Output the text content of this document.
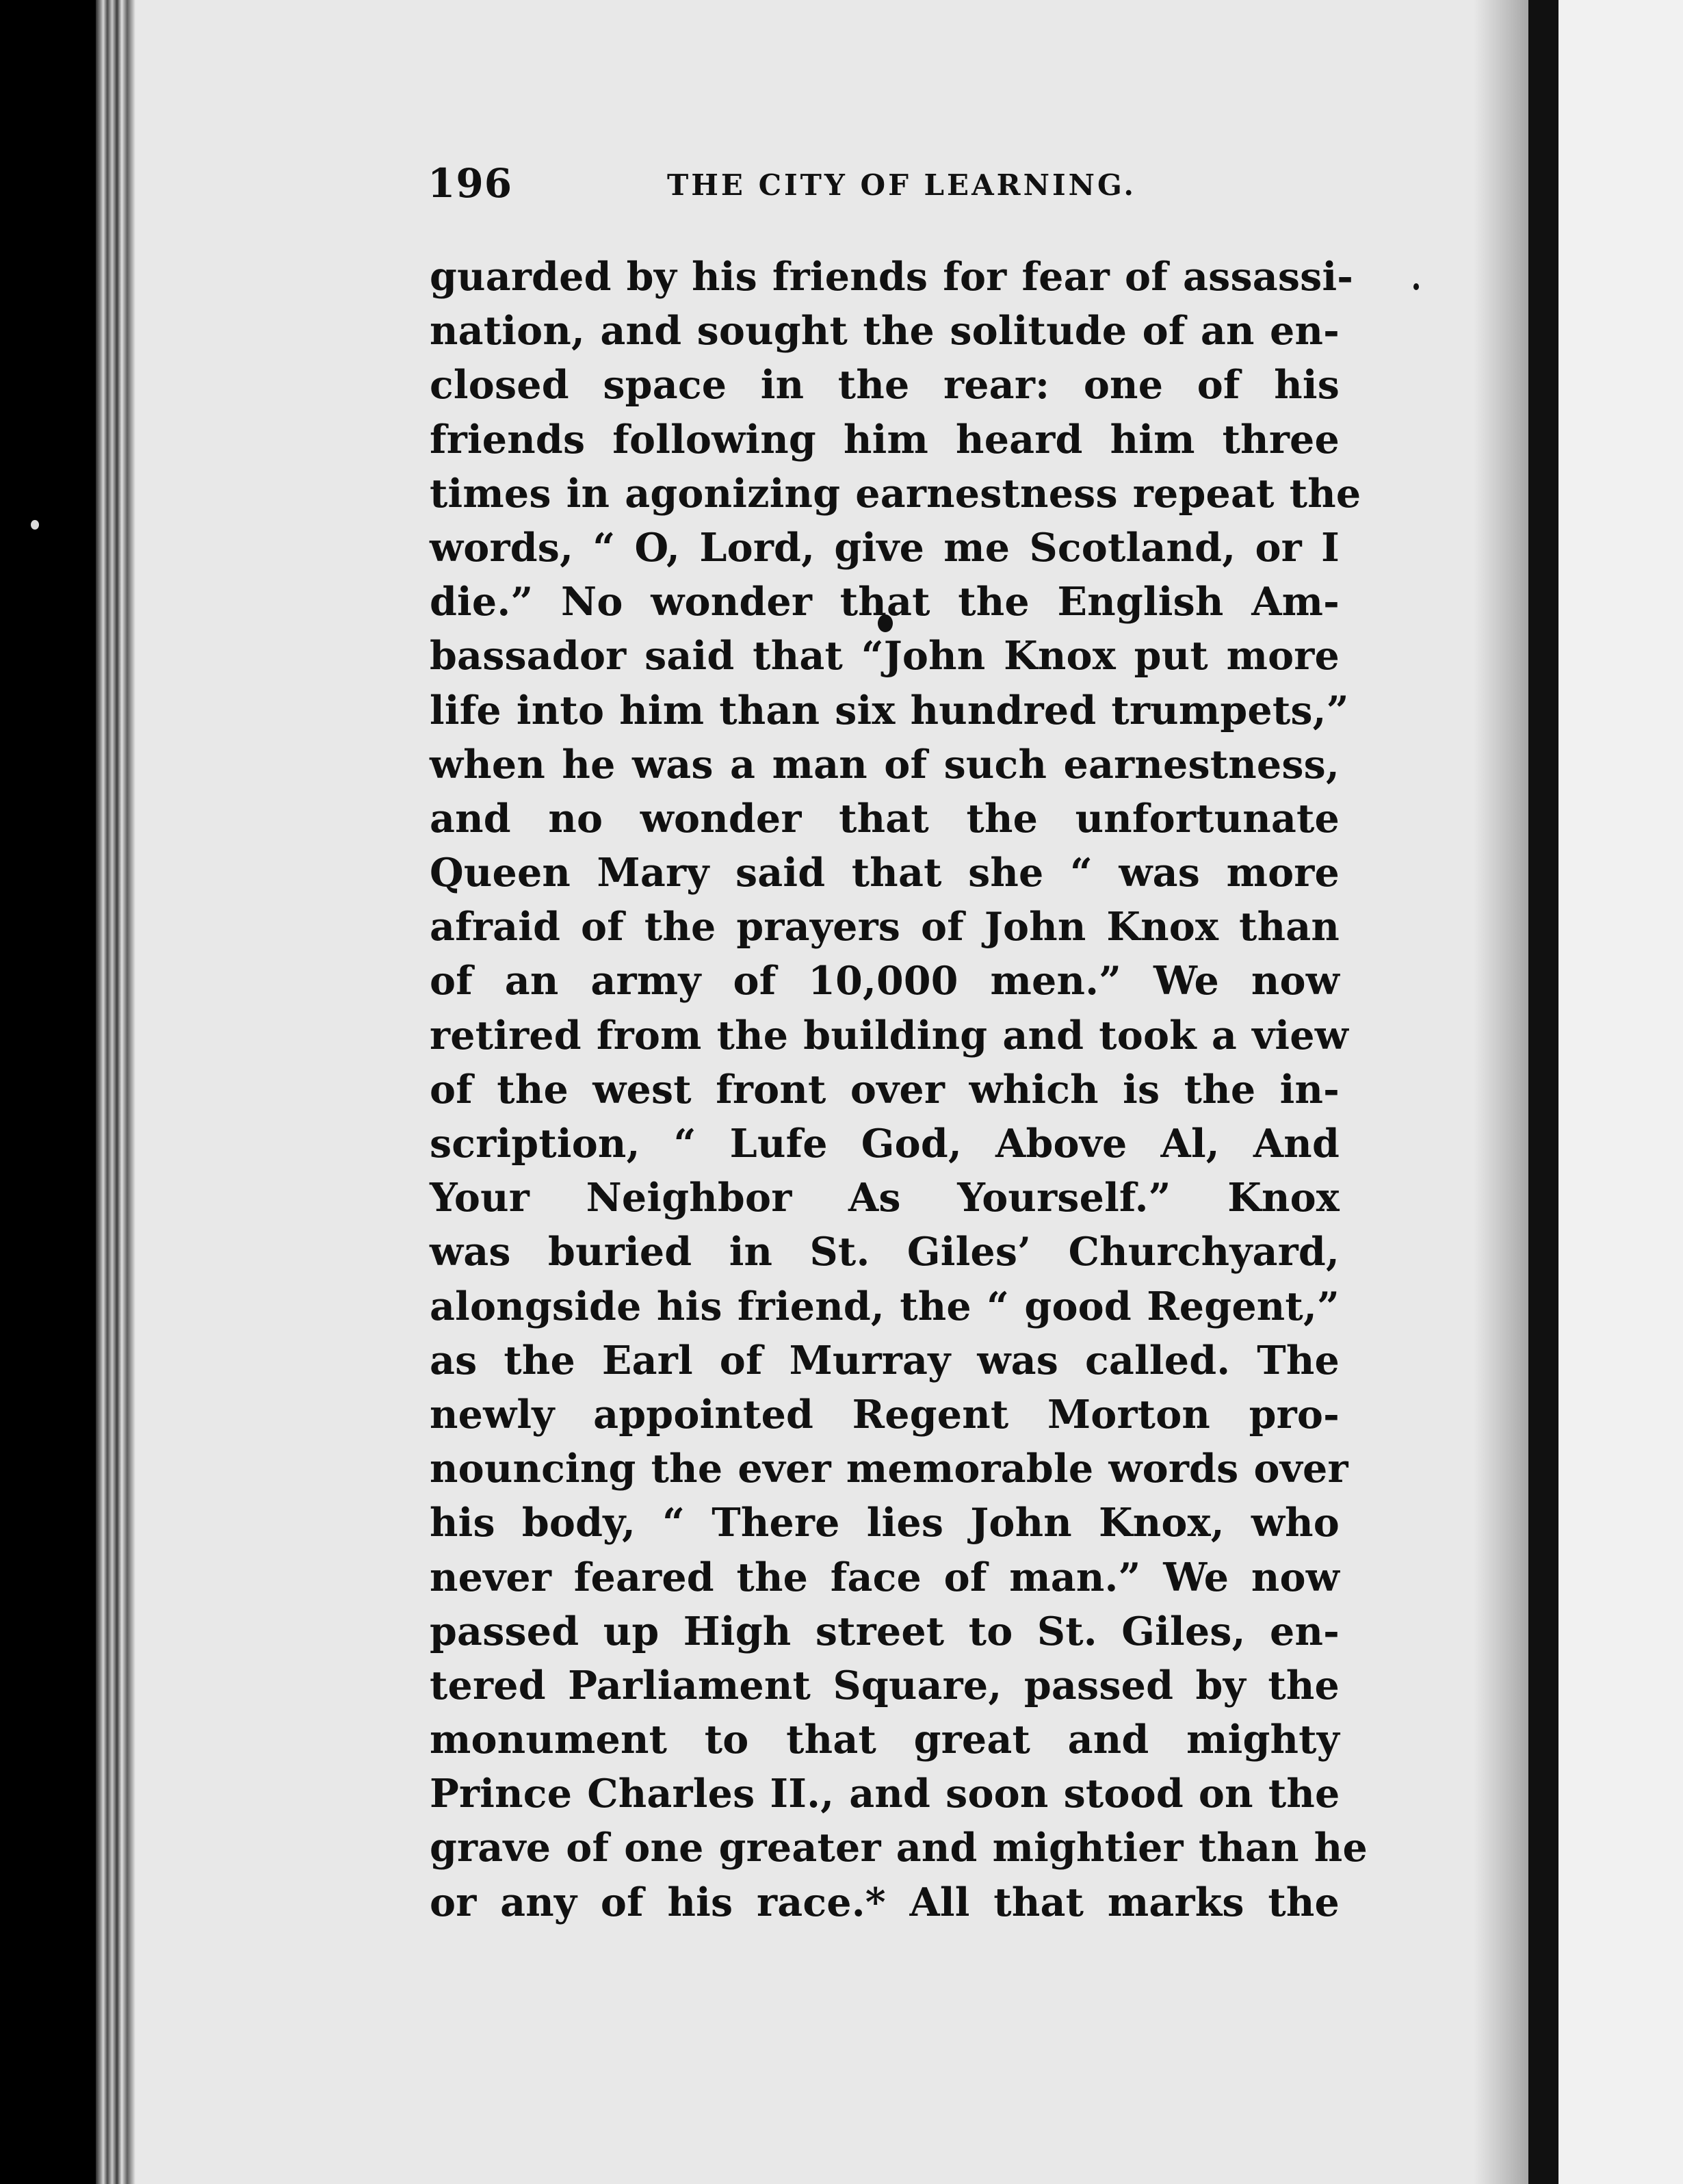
196	THE CITY OF LEARNING.
guarded by his friends for fear of assassi-
nation, and sought the solitude of an en-
closed space in the rear: one of his
friends following him heard him three
times in agonizing earnestness repeat the
words, “ O, Lord, give me Scotland, or I
die.” No wonder that the English Am-
bassador said that “John Knox put more
life into him than six hundred trumpets,”
when he was a man of such earnestness,
and no wonder that the unfortunate
Queen Mary said that she “ was more
afraid of the prayers of John Knox than
of an army of 10,000 men.” We now
retired from the building and took a view
of the west front over which is the in-
scription, “ Lufe God, Above Al, And
Your Neighbor As Yourself.” Knox
was buried in St. Giles’ Churchyard,
alongside his friend, the “ good Regent,”
as the Earl of Murray was called. The
newly appointed Regent Morton pro-
nouncing the ever memorable words over
his body, “ There lies John Knox, who
never feared the face of man.” We now
passed up High street to St. Giles, en-
tered Parliament Square, passed by the
monument to that great and mighty
Prince Charles II., and soon stood on the
grave of one greater and mightier than he
or any of his race.* All that marks the
